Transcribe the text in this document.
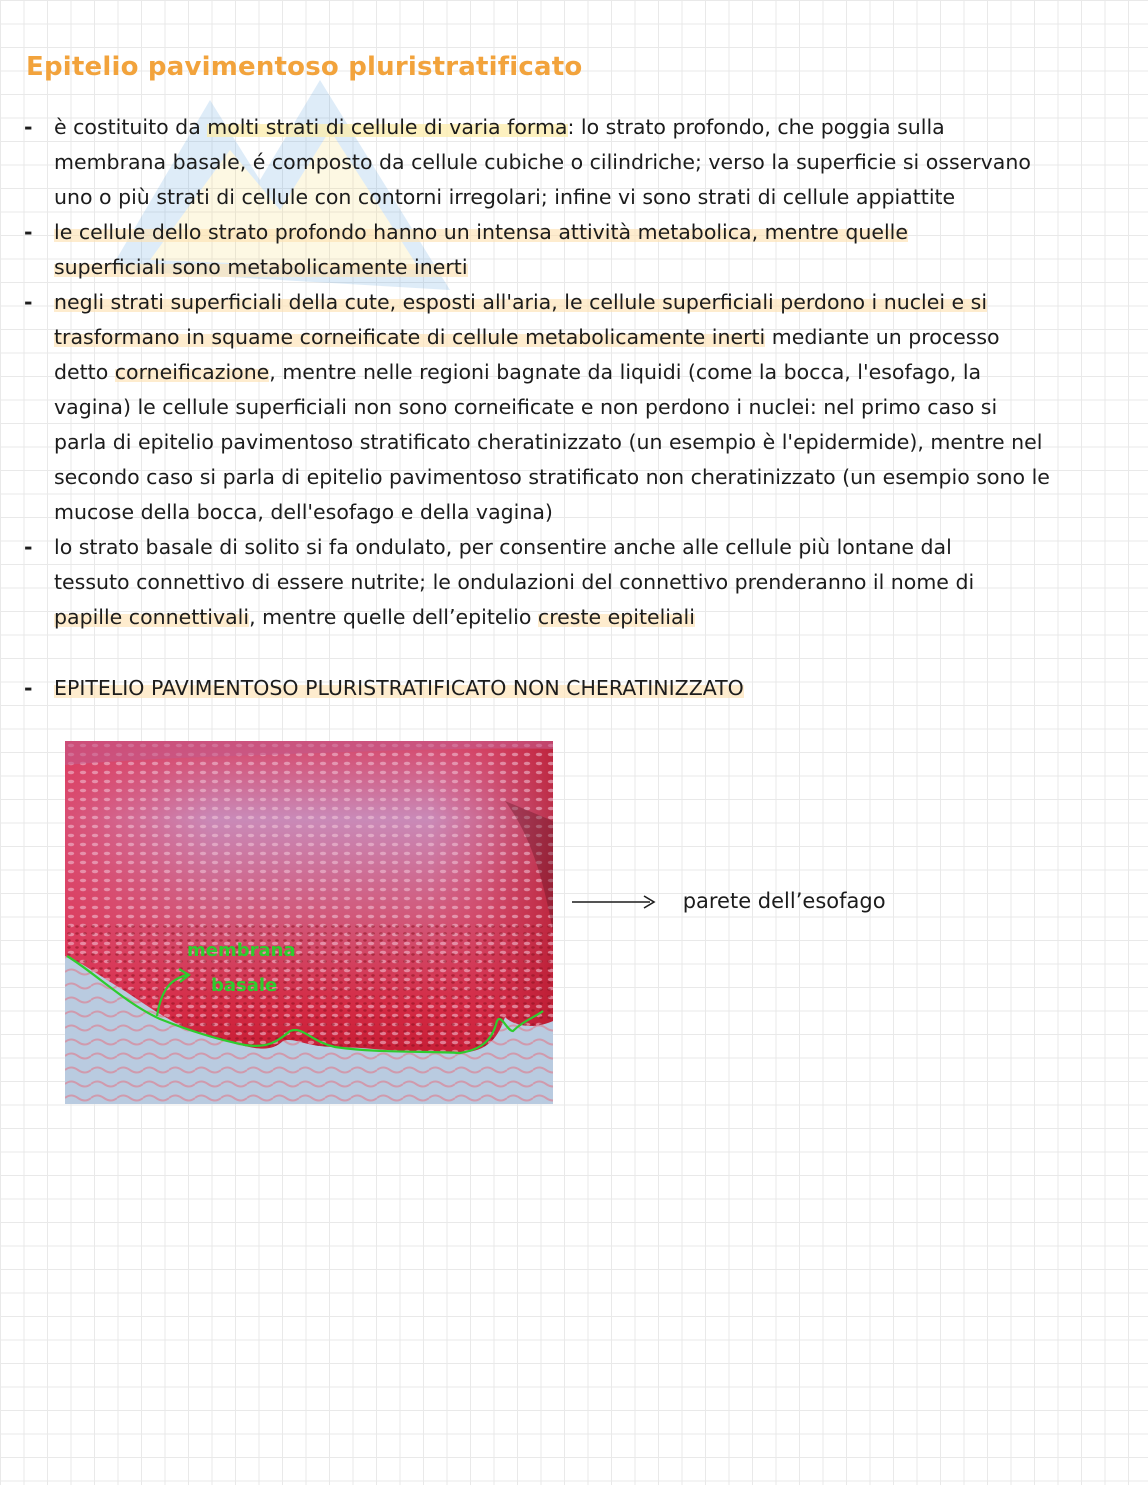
Epitelio pavimentoso pluristratificato
- è costituito da molti strati di cellule di varia forma: lo strato profondo, che poggia sulla
membrana basale, é composto da cellule cubiche o cilindriche; verso la superficie si osservano
uno o più strati di cellule con contorni irregolari; infine vi sono strati di cellule appiattite
- le cellule dello strato profondo hanno un intensa attività metabolica, mentre quelle
superficiali sono metabolicamente inerti
- negli strati superficiali della cute, esposti all'aria, le cellule superficiali perdono i nuclei e si
trasformano in squame corneificate di cellule metabolicamente inerti mediante un processo
detto corneificazione, mentre nelle regioni bagnate da liquidi (come la bocca, l'esofago, la
vagina) le cellule superficiali non sono corneificate e non perdono i nuclei: nel primo caso si
parla di epitelio pavimentoso stratificato cheratinizzato (un esempio è l'epidermide), mentre nel
secondo caso si parla di epitelio pavimentoso stratificato non cheratinizzato (un esempio sono le
mucose della bocca, dell'esofago e della vagina)
- lo strato basale di solito si fa ondulato, per consentire anche alle cellule più lontane dal
tessuto connettivo di essere nutrite; le ondulazioni del connettivo prenderanno il nome di
papille connettivali, mentre quelle dell’epitelio creste epiteliali
- EPITELIO PAVIMENTOSO PLURISTRATIFICATO NON CHERATINIZZATO
membrana
basale
parete dell’esofago
